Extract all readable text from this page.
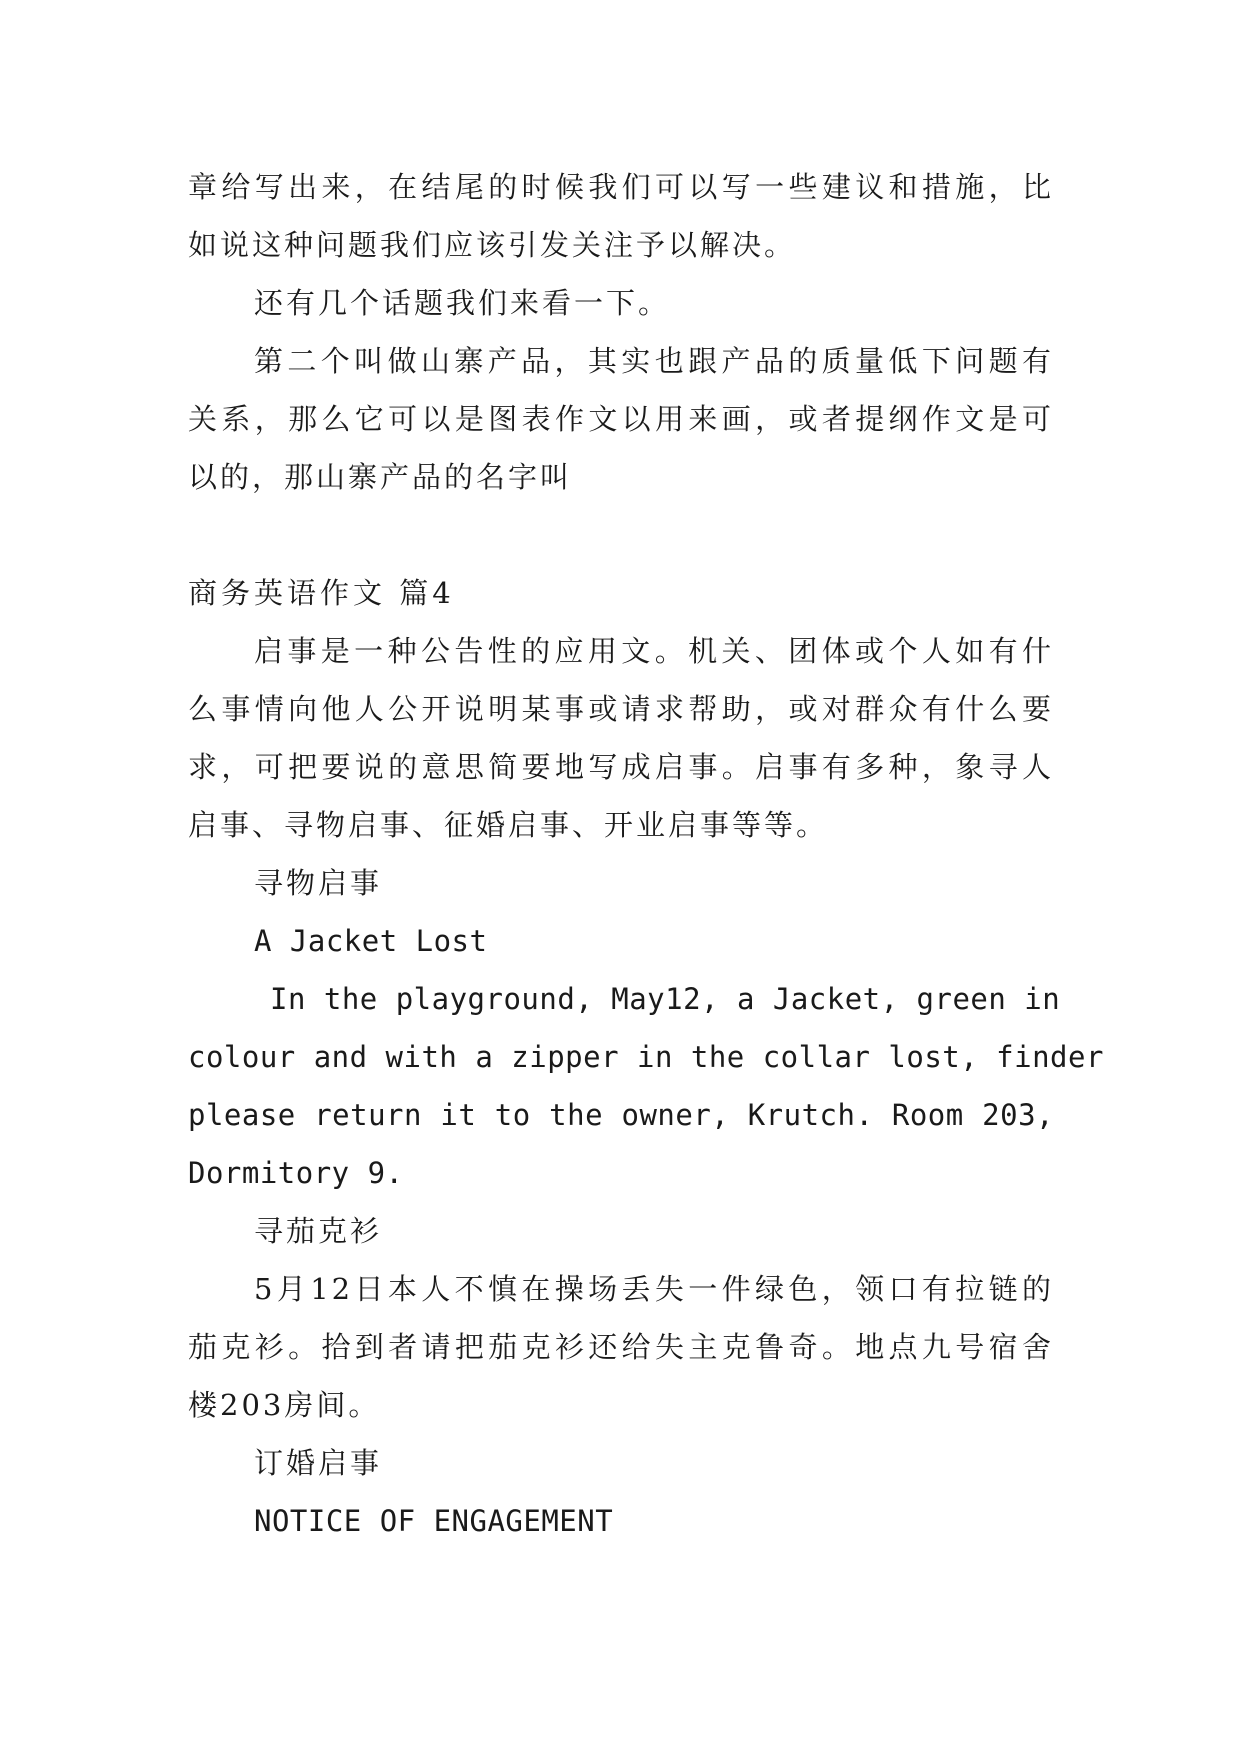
章给写出来，在结尾的时候我们可以写一些建议和措施，比
如说这种问题我们应该引发关注予以解决。
还有几个话题我们来看一下。
第二个叫做山寨产品，其实也跟产品的质量低下问题有
关系，那么它可以是图表作文以用来画，或者提纲作文是可
以的，那山寨产品的名字叫
商务英语作文 篇4
启事是一种公告性的应用文。机关、团体或个人如有什
么事情向他人公开说明某事或请求帮助，或对群众有什么要
求，可把要说的意思简要地写成启事。启事有多种，象寻人
启事、寻物启事、征婚启事、开业启事等等。
寻物启事
A Jacket Lost
In the playground, May12, a Jacket, green in
colour and with a zipper in the collar lost, finder
please return it to the owner, Krutch. Room 203,
Dormitory 9.
寻茄克衫
5月12日本人不慎在操场丢失一件绿色，领口有拉链的
茄克衫。拾到者请把茄克衫还给失主克鲁奇。地点九号宿舍
楼203房间。
订婚启事
NOTICE OF ENGAGEMENT
